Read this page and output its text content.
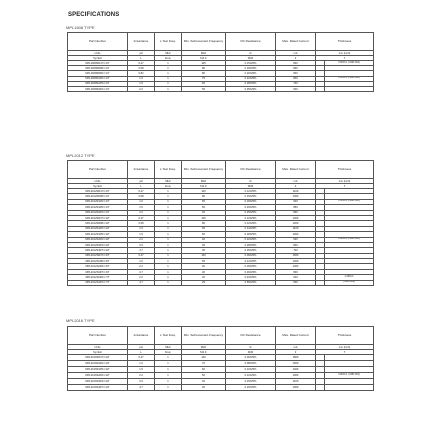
SPECIFICATIONS
MPL1608 TYPE
Part Number	Inductance	L Test Freq.	Min. Self-resonant Frequency	DC Resistance	Max. Rated Current	Thickness	
Units	μH	MHz	MHz	Ω	mA	mm (inch)	
Symbol	L	Freq.	S.R.F.	DCR	Ir	T	
MPL1608SR47□□CT	0.47	1	105	0.15±25%	800		0.50±0.1 (.020±.004)
MPL1608SR68□□CT	0.68	1	80	0.18±25%	800		
MPL1608SR82□□CT	0.82	1	80	0.20±25%	800		
MPL1608S1R0□□CT	1.0	1	75	0.22±25%	800		0.50±0.1 (.020±.004)
MPL1608S1R5□□CT	1.5	1	60	0.28±25%	700		
MPL1608S2R2□□CT	2.2	1	50	0.35±25%	600		
MPL2012 TYPE
Part Number	Inductance	L Test Freq.	Min. Self-resonant Frequency	DC Resistance	Max. Rated Current	Thickness	
Units	μH	MHz	MHz	Ω	mA	mm (inch)	
Symbol	L	Freq.	S.R.F.	DCR	Ir	T	
MPL2012SR47□□CT	0.47	1	100	0.12±25%	1100		
MPL2012SR68□□CT	0.68	1	80	0.15±25%	1000		
MPL2012S1R0□□CT	1.0	1	65	0.18±25%	900		0.50±0.1 (.020±.004)
MPL2012S1R5□□CT	1.5	1	50	0.20±25%	850		
MPL2012S2R2□□CT	2.2	1	40	0.25±25%	800		
MPL2012SR47□□HT	0.47	1	100	0.10±25%	1300		
MPL2012SR68□□HT	0.68	1	80	0.12±25%	1200		
MPL2012S1R0□□HT	1.0	1	65	0.14±25%	1100		
MPL2012S1R5□□HT	1.5	1	50	0.18±25%	1000		
MPL2012S2R2□□HT	2.2	1	40	0.22±25%	900		0.60±0.1 (.024±.004)
MPL2012S3R3□□HT	3.3	1	35	0.28±25%	800		
MPL2012S4R7□□HT	4.7	1	30	0.35±25%	700		
MPL2012SR47□□KT	0.47	1	100	0.09±25%	1500		
MPL2012S1R0□□KT	1.0	1	65	0.12±25%	1300		
MPL2012S2R2□□KT	2.2	1	40	0.18±25%	1000		
MPL2012S4R7□□KT	4.7	1	30	0.30±25%	800		
MPL2012S2R2□□YT	2.2	1	40	0.40±25%	600		1.25±0.2
MPL2012S4R7□□YT	4.7	1	25	0.55±25%	500		(.049±.008)
MPL2016 TYPE
Part Number	Inductance	L Test Freq.	Min. Self-resonant Frequency	DC Resistance	Max. Rated Current	Thickness	
Units	μH	MHz	MHz	Ω	mA	mm (inch)	
Symbol	L	Freq.	S.R.F.	DCR	Ir	T	
MPL2016SR47□□HT	0.47	1	100	0.06±25%	1800		
MPL2016S1R0□□HT	1.0	1	70	0.08±25%	1600		
MPL2016S1R5□□HT	1.5	1	60	0.10±25%	1400		
MPL2016S2R2□□HT	2.2	1	50	0.12±25%	1300		0.90±0.1 (.035±.004)
MPL2016S3R3□□HT	3.3	1	40	0.15±25%	1100		
MPL2016S4R7□□HT	4.7	1	30	0.20±25%	1000		
